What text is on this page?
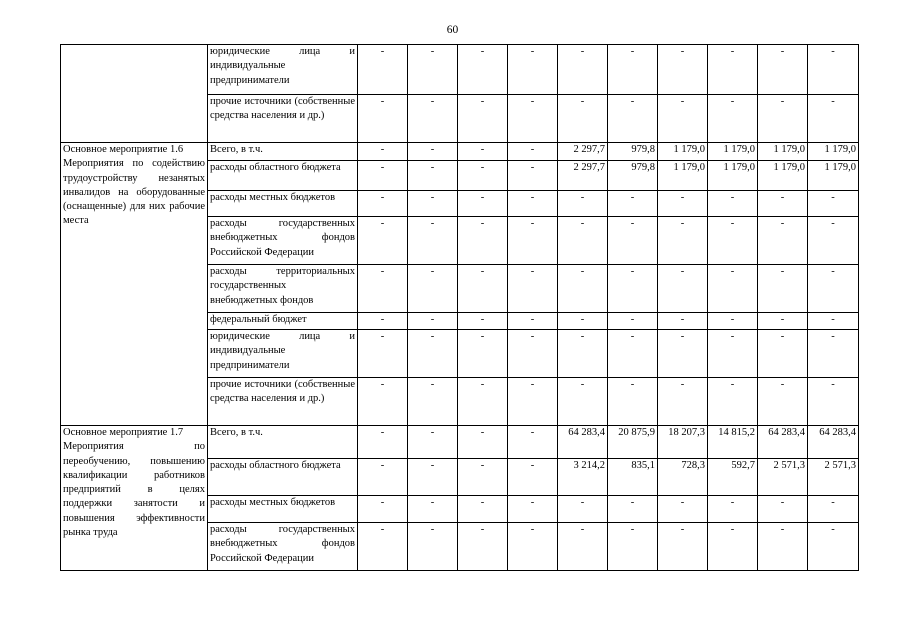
60
	юридические лица и индивидуальные предприниматели	-	-	-	-	-	-	-	-	-	-
	прочие источники (собственные средства населения и др.)	-	-	-	-	-	-	-	-	-	-

Основное мероприятие 1.6
Мероприятия по содействию трудоустройству незанятых инвалидов на оборудованные (оснащенные) для них рабочие места	Всего, в т.ч.	-	-	-	-	2 297,7	979,8	1 179,0	1 179,0	1 179,0	1 179,0
	расходы областного бюджета	-	-	-	-	2 297,7	979,8	1 179,0	1 179,0	1 179,0	1 179,0
	расходы местных бюджетов	-	-	-	-	-	-	-	-	-	-
	расходы государственных внебюджетных фондов Российской Федерации	-	-	-	-	-	-	-	-	-	-
	расходы территориальных государственных внебюджетных фондов	-	-	-	-	-	-	-	-	-	-
	федеральный бюджет	-	-	-	-	-	-	-	-	-	-
	юридические лица и индивидуальные предприниматели	-	-	-	-	-	-	-	-	-	-
	прочие источники (собственные средства населения и др.)	-	-	-	-	-	-	-	-	-	-

Основное мероприятие 1.7
Мероприятия по переобучению, повышению квалификации работников предприятий в целях поддержки занятости и повышения эффективности рынка труда	Всего, в т.ч.	-	-	-	-	64 283,4	20 875,9	18 207,3	14 815,2	64 283,4	64 283,4
	расходы областного бюджета	-	-	-	-	3 214,2	835,1	728,3	592,7	2 571,3	2 571,3
	расходы местных бюджетов	-	-	-	-	-	-	-	-	-	-
	расходы государственных внебюджетных фондов Российской Федерации	-	-	-	-	-	-	-	-	-	-
